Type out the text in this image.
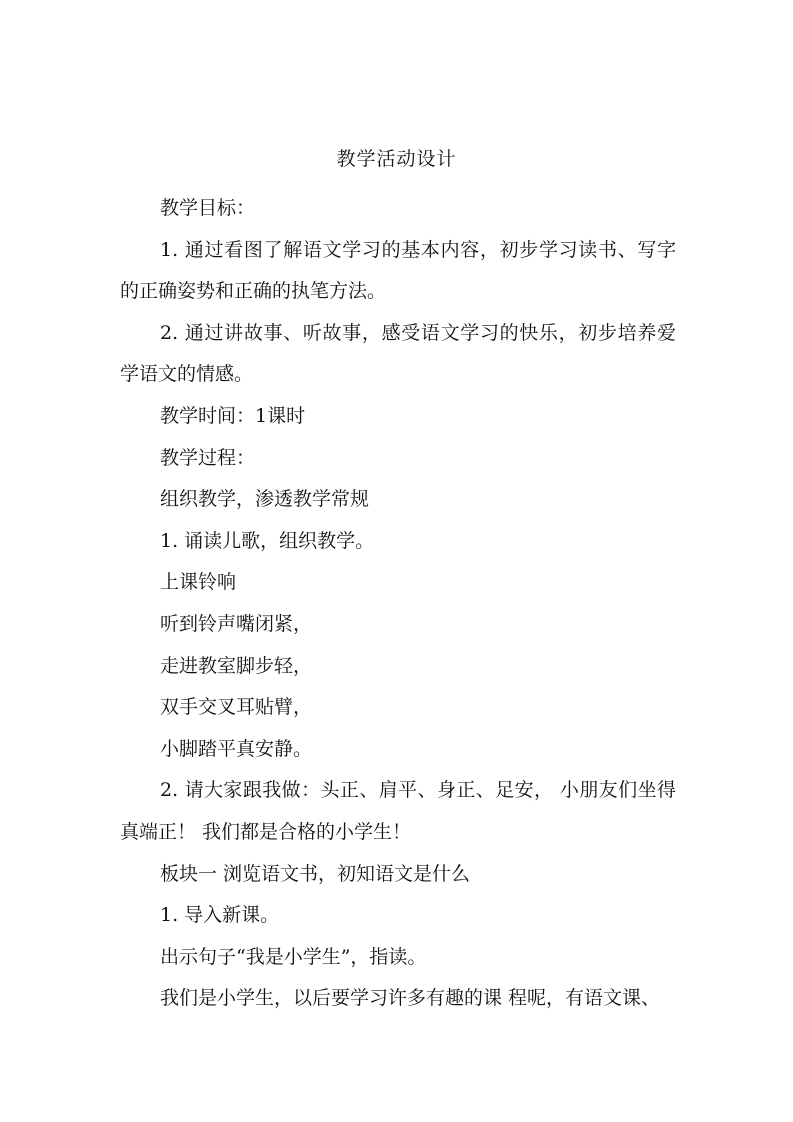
教学活动设计

教学目标：

1. 通过看图了解语文学习的基本内容，初步学习读书、写字的正确姿势和正确的执笔方法。

2. 通过讲故事、听故事，感受语文学习的快乐，初步培养爱学语文的情感。

教学时间：1课时

教学过程：

组织教学，渗透教学常规

1. 诵读儿歌，组织教学。

上课铃响

听到铃声嘴闭紧，

走进教室脚步轻，

双手交叉耳贴臂，

小脚踏平真安静。

2. 请大家跟我做：头正、肩平、身正、足安， 小朋友们坐得真端正！ 我们都是合格的小学生！

板块一 浏览语文书，初知语文是什么

1. 导入新课。

出示句子“我是小学生”，指读。

我们是小学生，以后要学习许多有趣的课 程呢，有语文课、
